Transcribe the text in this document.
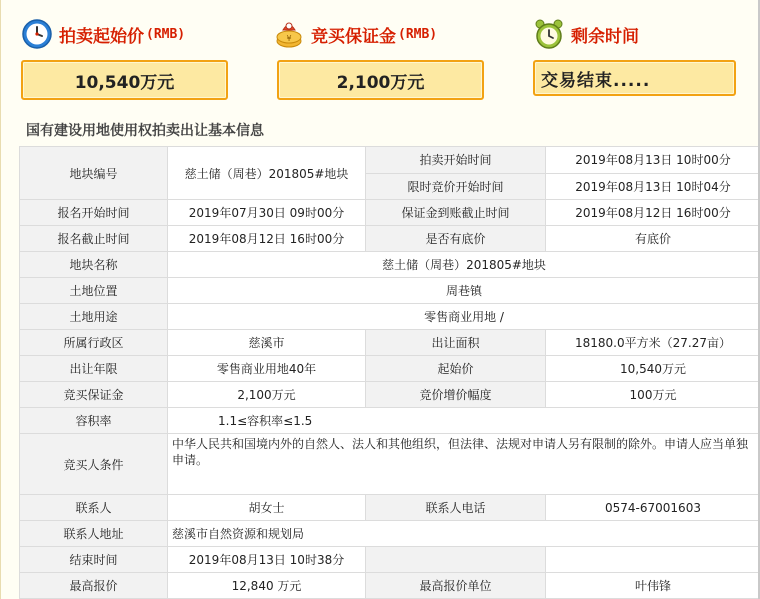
拍卖起始价 (RMB)
10,540万元
¥ 竞买保证金 (RMB)
2,100万元
剩余时间
交易结束.....
国有建设用地使用权拍卖出让基本信息
地块编号	慈土储（周巷）201805#地块	拍卖开始时间	2019年08月13日 10时00分
		限时竞价开始时间	2019年08月13日 10时04分
报名开始时间	2019年07月30日 09时00分	保证金到账截止时间	2019年08月12日 16时00分
报名截止时间	2019年08月12日 16时00分	是否有底价	有底价
地块名称	慈土储（周巷）201805#地块		
土地位置	周巷镇		
土地用途	零售商业用地 /		
所属行政区	慈溪市	出让面积	18180.0平方米（27.27亩）
出让年限	零售商业用地40年	起始价	10,540万元
竞买保证金	2,100万元	竞价增价幅度	100万元
容积率	1.1≤容积率≤1.5		
竞买人条件	中华人民共和国境内外的自然人、法人和其他组织，但法律、法规对申请人另有限制的除外。申请人应当单独申请。		
联系人	胡女士	联系人电话	0574-67001603
联系人地址	慈溪市自然资源和规划局		
结束时间	2019年08月13日 10时38分		
最高报价	12,840 万元	最高报价单位	叶伟锋
